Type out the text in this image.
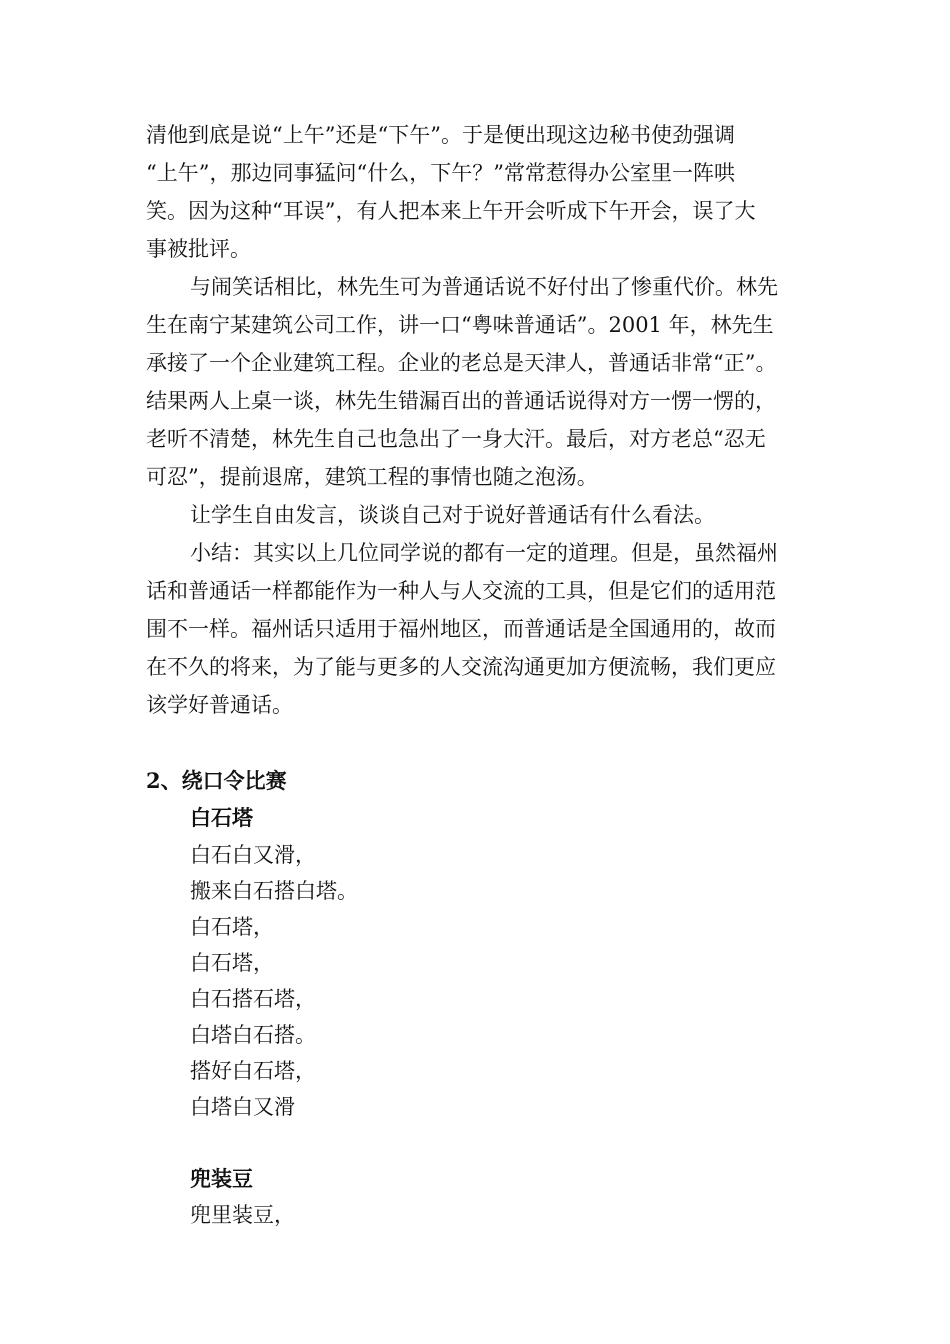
清他到底是说“上午”还是“下午”。于是便出现这边秘书使劲强调
“上午”，那边同事猛问“什么，下午？”常常惹得办公室里一阵哄
笑。因为这种“耳误”，有人把本来上午开会听成下午开会，误了大
事被批评。
与闹笑话相比，林先生可为普通话说不好付出了惨重代价。林先
生在南宁某建筑公司工作，讲一口“粤味普通话”。2001 年，林先生
承接了一个企业建筑工程。企业的老总是天津人，普通话非常“正”。
结果两人上桌一谈，林先生错漏百出的普通话说得对方一愣一愣的，
老听不清楚，林先生自己也急出了一身大汗。最后，对方老总“忍无
可忍”，提前退席，建筑工程的事情也随之泡汤。
让学生自由发言，谈谈自己对于说好普通话有什么看法。
小结：其实以上几位同学说的都有一定的道理。但是，虽然福州
话和普通话一样都能作为一种人与人交流的工具，但是它们的适用范
围不一样。福州话只适用于福州地区，而普通话是全国通用的，故而
在不久的将来，为了能与更多的人交流沟通更加方便流畅，我们更应
该学好普通话。
2、绕口令比赛
白石塔
白石白又滑，
搬来白石搭白塔。
白石塔，
白石塔，
白石搭石塔，
白塔白石搭。
搭好白石塔，
白塔白又滑
兜装豆
兜里装豆，
